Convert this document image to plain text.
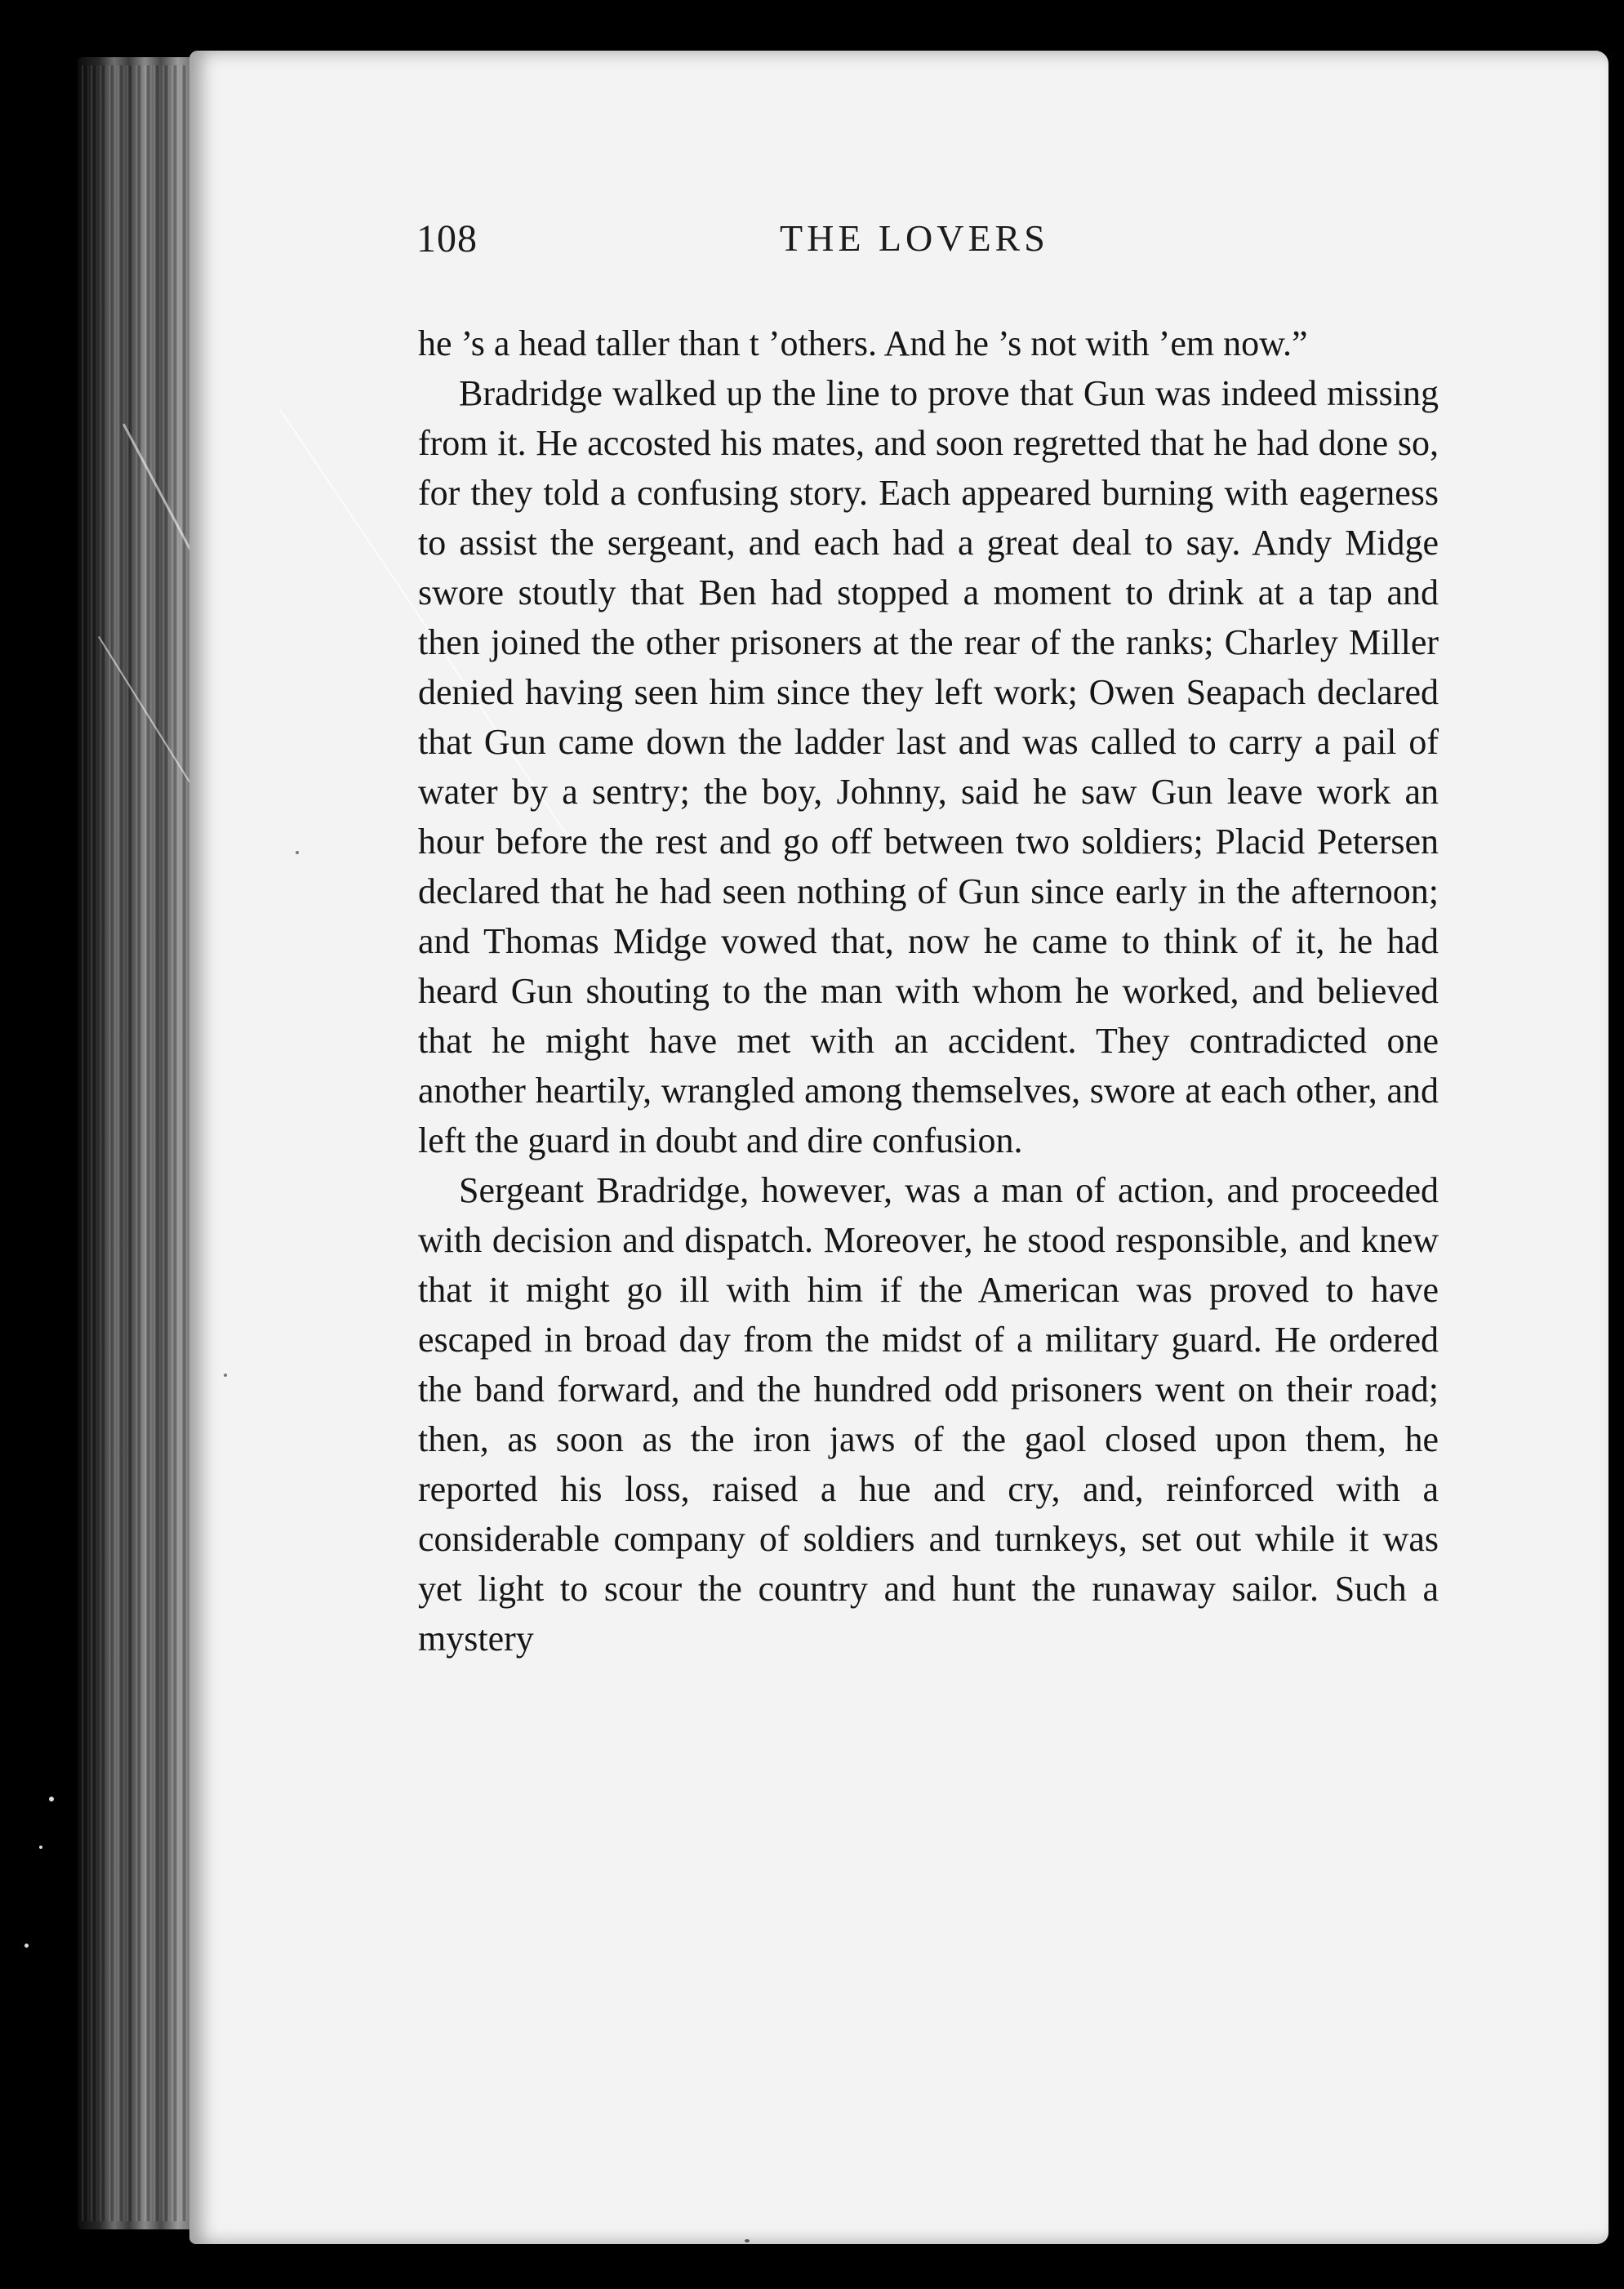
108	THE LOVERS

he ’s a head taller than t ’others. And he ’s not with ’em now.”

Bradridge walked up the line to prove that Gun was indeed missing from it. He accosted his mates, and soon regretted that he had done so, for they told a confusing story. Each appeared burning with eagerness to assist the sergeant, and each had a great deal to say. Andy Midge swore stoutly that Ben had stopped a moment to drink at a tap and then joined the other prisoners at the rear of the ranks; Charley Miller denied having seen him since they left work; Owen Seapach declared that Gun came down the ladder last and was called to carry a pail of water by a sentry; the boy, Johnny, said he saw Gun leave work an hour before the rest and go off between two soldiers; Placid Petersen declared that he had seen nothing of Gun since early in the afternoon; and Thomas Midge vowed that, now he came to think of it, he had heard Gun shouting to the man with whom he worked, and believed that he might have met with an accident. They contradicted one another heartily, wrangled among themselves, swore at each other, and left the guard in doubt and dire confusion.

Sergeant Bradridge, however, was a man of action, and proceeded with decision and dispatch. Moreover, he stood responsible, and knew that it might go ill with him if the American was proved to have escaped in broad day from the midst of a military guard. He ordered the band forward, and the hundred odd prisoners went on their road; then, as soon as the iron jaws of the gaol closed upon them, he reported his loss, raised a hue and cry, and, reinforced with a considerable company of soldiers and turnkeys, set out while it was yet light to scour the country and hunt the runaway sailor. Such a mystery
